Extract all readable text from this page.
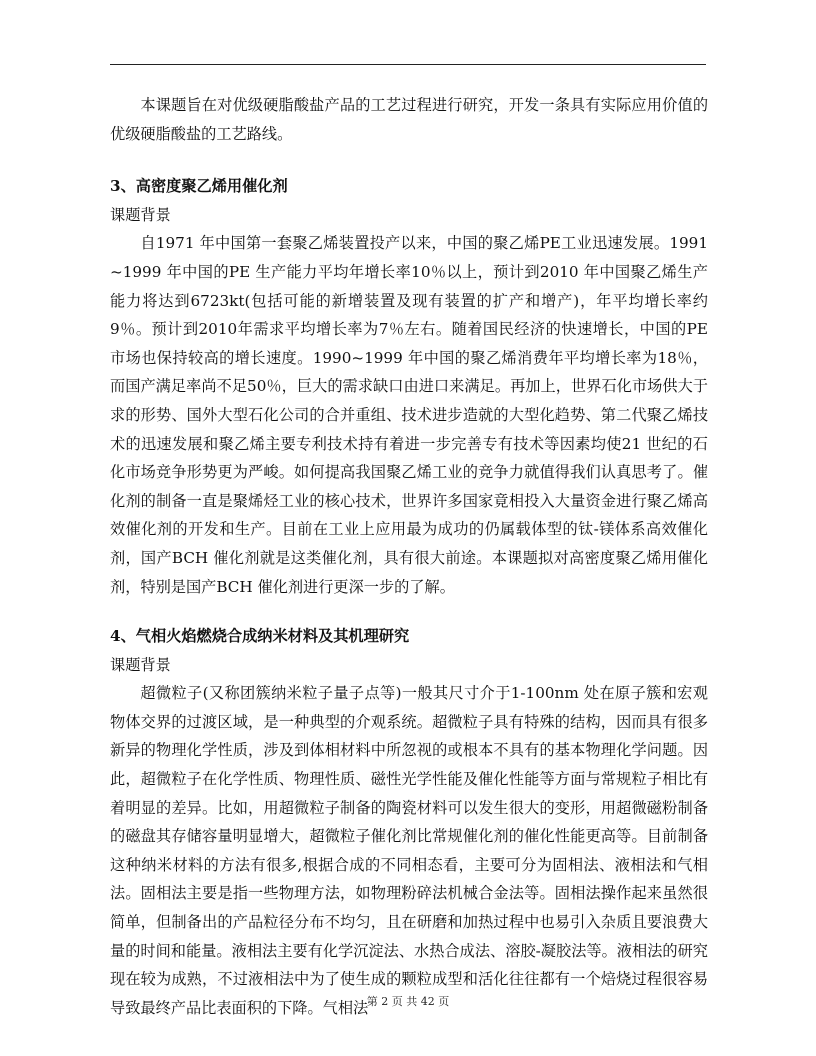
本课题旨在对优级硬脂酸盐产品的工艺过程进行研究，开发一条具有实际应用价值的优级硬脂酸盐的工艺路线。

3、高密度聚乙烯用催化剂

课题背景

自1971 年中国第一套聚乙烯装置投产以来，中国的聚乙烯PE工业迅速发展。1991~1999 年中国的PE 生产能力平均年增长率10％以上，预计到2010 年中国聚乙烯生产能力将达到6723kt(包括可能的新增装置及现有装置的扩产和增产)，年平均增长率约9％。预计到2010年需求平均增长率为7％左右。随着国民经济的快速增长，中国的PE 市场也保持较高的增长速度。1990~1999 年中国的聚乙烯消费年平均增长率为18％，而国产满足率尚不足50％，巨大的需求缺口由进口来满足。再加上，世界石化市场供大于求的形势、国外大型石化公司的合并重组、技术进步造就的大型化趋势、第二代聚乙烯技术的迅速发展和聚乙烯主要专利技术持有着进一步完善专有技术等因素均使21 世纪的石化市场竞争形势更为严峻。如何提高我国聚乙烯工业的竞争力就值得我们认真思考了。催化剂的制备一直是聚烯烃工业的核心技术，世界许多国家竟相投入大量资金进行聚乙烯高效催化剂的开发和生产。目前在工业上应用最为成功的仍属载体型的钛-镁体系高效催化剂，国产BCH 催化剂就是这类催化剂，具有很大前途。本课题拟对高密度聚乙烯用催化剂，特别是国产BCH 催化剂进行更深一步的了解。

4、气相火焰燃烧合成纳米材料及其机理研究

课题背景

超微粒子(又称团簇纳米粒子量子点等)一般其尺寸介于1-100nm 处在原子簇和宏观物体交界的过渡区域，是一种典型的介观系统。超微粒子具有特殊的结构，因而具有很多新异的物理化学性质，涉及到体相材料中所忽视的或根本不具有的基本物理化学问题。因此，超微粒子在化学性质、物理性质、磁性光学性能及催化性能等方面与常规粒子相比有着明显的差异。比如，用超微粒子制备的陶瓷材料可以发生很大的变形，用超微磁粉制备的磁盘其存储容量明显增大，超微粒子催化剂比常规催化剂的催化性能更高等。目前制备这种纳米材料的方法有很多,根据合成的不同相态看，主要可分为固相法、液相法和气相法。固相法主要是指一些物理方法，如物理粉碎法机械合金法等。固相法操作起来虽然很简单，但制备出的产品粒径分布不均匀，且在研磨和加热过程中也易引入杂质且要浪费大量的时间和能量。液相法主要有化学沉淀法、水热合成法、溶胶-凝胶法等。液相法的研究现在较为成熟，不过液相法中为了使生成的颗粒成型和活化往往都有一个焙烧过程很容易导致最终产品比表面积的下降。气相法

第 2 页 共 42 页
